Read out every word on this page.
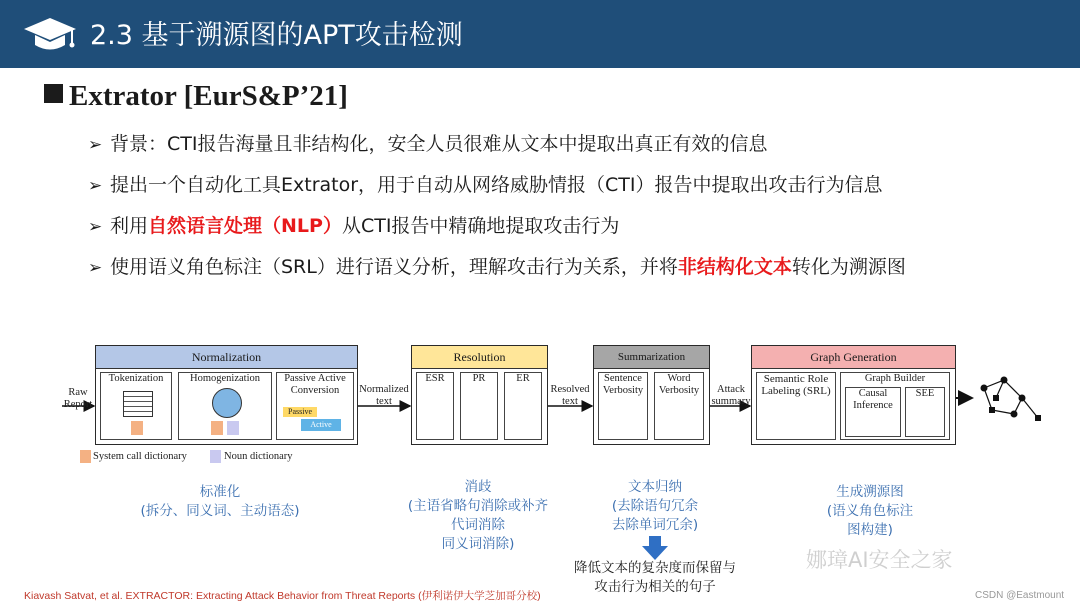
2.3 基于溯源图的APT攻击检测
Extrator [EurS&P’21]
➢ 背景：CTI报告海量且非结构化，安全人员很难从文本中提取出真正有效的信息
➢ 提出一个自动化工具Extrator，用于自动从网络威胁情报（CTI）报告中提取出攻击行为信息
➢ 利用自然语言处理（NLP）从CTI报告中精确地提取攻击行为
➢ 使用语义角色标注（SRL）进行语义分析，理解攻击行为关系，并将非结构化文本转化为溯源图
Raw Report
Normalization
Tokenization	Homogenization	Passive Active Conversion
Passive
Active
System call dictionary	Noun dictionary
Normalized text
Resolution
ESR	PR	ER
Resolved text
Summarization
Sentence Verbosity
Word Verbosity	Attack summary
Graph Generation
Semantic Role Labeling (SRL)
Graph Builder
Causal Inference
SEE
标准化
(拆分、同义词、主动语态)
消歧
(主语省略句消除或补齐
代词消除
同义词消除)
文本归纳
(去除语句冗余
去除单词冗余)
生成溯源图
(语义角色标注
图构建)
降低文本的复杂度而保留与
攻击行为相关的句子
Kiavash Satvat, et al. EXTRACTOR: Extracting Attack Behavior from Threat Reports (伊利诺伊大学芝加哥分校)
娜璋AI安全之家
CSDN @Eastmount
